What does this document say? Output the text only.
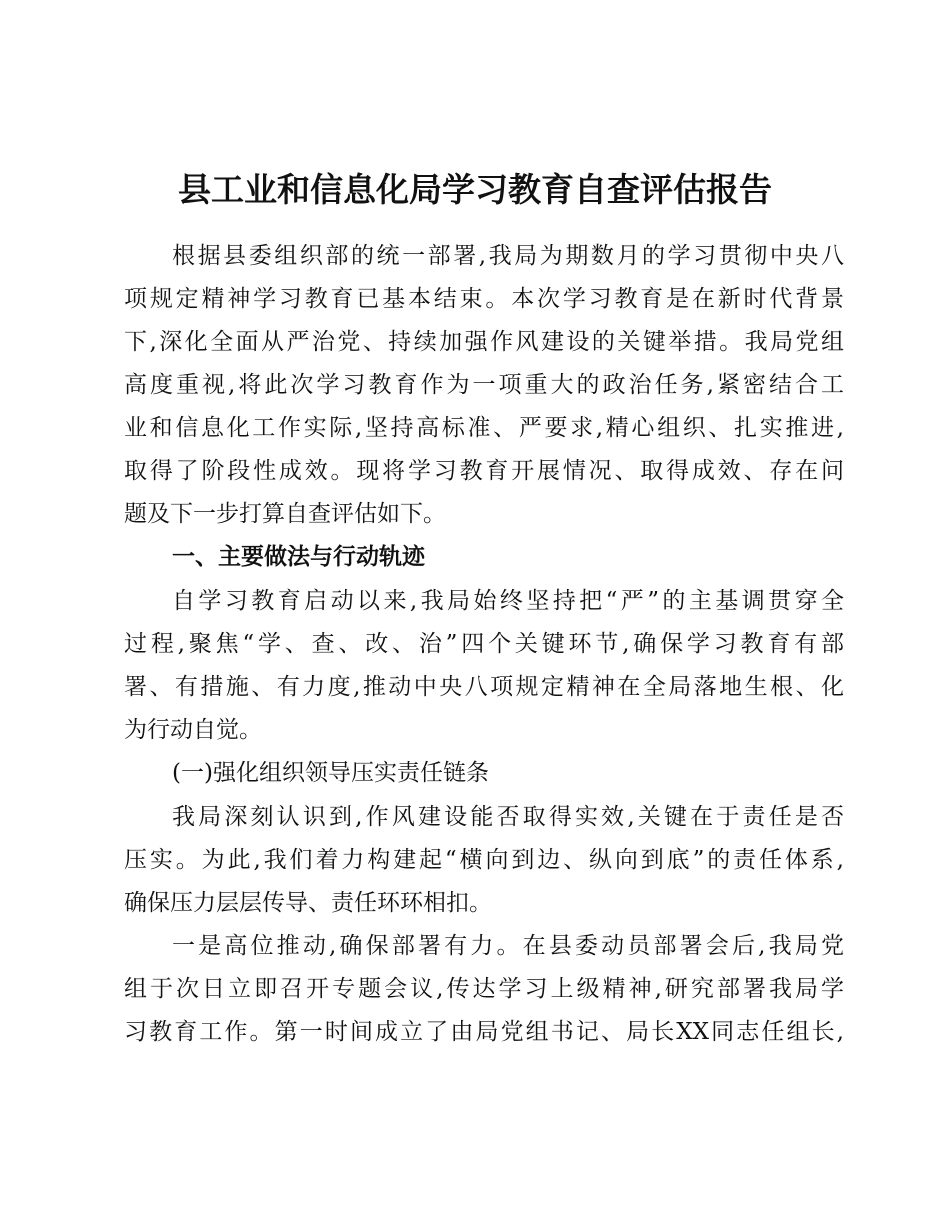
县工业和信息化局学习教育自查评估报告
根据县委组织部的统一部署,我局为期数月的学习贯彻中央八
项规定精神学习教育已基本结束。本次学习教育是在新时代背景
下,深化全面从严治党、持续加强作风建设的关键举措。我局党组
高度重视,将此次学习教育作为一项重大的政治任务,紧密结合工
业和信息化工作实际,坚持高标准、严要求,精心组织、扎实推进,
取得了阶段性成效。现将学习教育开展情况、取得成效、存在问
题及下一步打算自查评估如下。
一、主要做法与行动轨迹
自学习教育启动以来,我局始终坚持把“严”的主基调贯穿全
过程,聚焦“学、查、改、治”四个关键环节,确保学习教育有部
署、有措施、有力度,推动中央八项规定精神在全局落地生根、化
为行动自觉。
(一)强化组织领导压实责任链条
我局深刻认识到,作风建设能否取得实效,关键在于责任是否
压实。为此,我们着力构建起“横向到边、纵向到底”的责任体系,
确保压力层层传导、责任环环相扣。
一是高位推动,确保部署有力。在县委动员部署会后,我局党
组于次日立即召开专题会议,传达学习上级精神,研究部署我局学
习教育工作。第一时间成立了由局党组书记、局长XX同志任组长,
